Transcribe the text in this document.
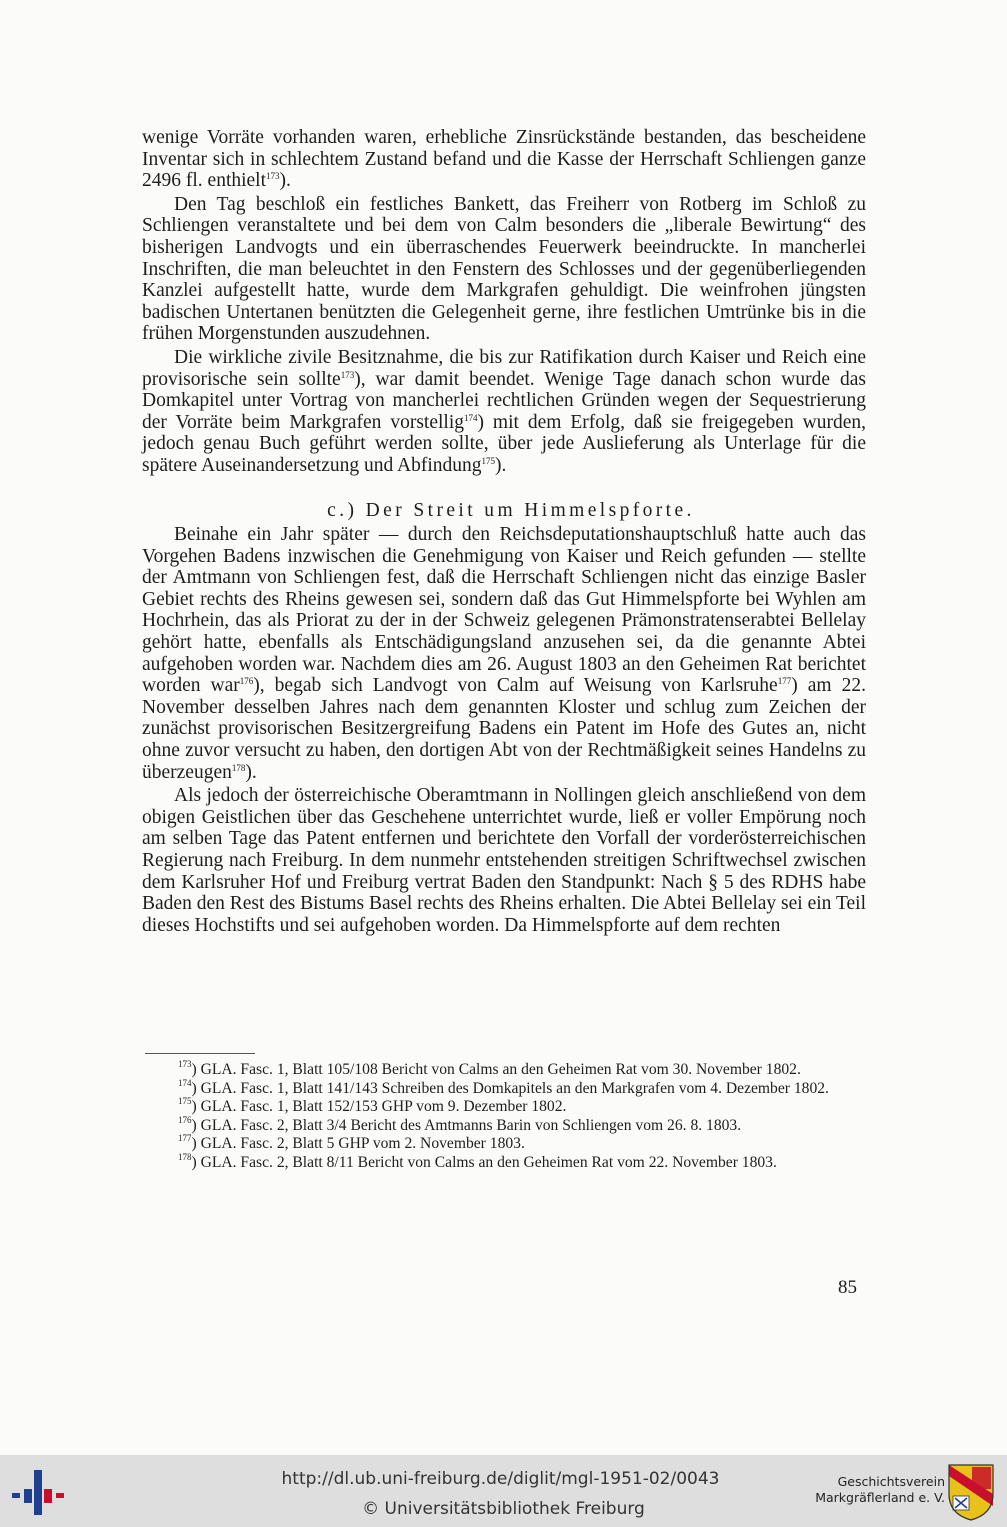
wenige Vorräte vorhanden waren, erhebliche Zinsrückstände bestanden, das bescheidene Inventar sich in schlechtem Zustand befand und die Kasse der Herrschaft Schliengen ganze 2496 fl. enthielt$^{173}$).

Den Tag beschloß ein festliches Bankett, das Freiherr von Rotberg im Schloß zu Schliengen veranstaltete und bei dem von Calm besonders die „liberale Bewirtung“ des bisherigen Landvogts und ein überraschendes Feuerwerk beeindruckte. In mancherlei Inschriften, die man beleuchtet in den Fenstern des Schlosses und der gegenüberliegenden Kanzlei aufgestellt hatte, wurde dem Markgrafen gehuldigt. Die weinfrohen jüngsten badischen Untertanen benützten die Gelegenheit gerne, ihre festlichen Umtrünke bis in die frühen Morgenstunden auszudehnen.

Die wirkliche zivile Besitznahme, die bis zur Ratifikation durch Kaiser und Reich eine provisorische sein sollte$^{173}$), war damit beendet. Wenige Tage danach schon wurde das Domkapitel unter Vortrag von mancherlei rechtlichen Gründen wegen der Sequestrierung der Vorräte beim Markgrafen vorstellig$^{174}$) mit dem Erfolg, daß sie freigegeben wurden, jedoch genau Buch geführt werden sollte, über jede Auslieferung als Unterlage für die spätere Auseinandersetzung und Abfindung$^{175}$).

c.) Der Streit um Himmelspforte.

Beinahe ein Jahr später — durch den Reichsdeputationshauptschluß hatte auch das Vorgehen Badens inzwischen die Genehmigung von Kaiser und Reich gefunden — stellte der Amtmann von Schliengen fest, daß die Herrschaft Schliengen nicht das einzige Basler Gebiet rechts des Rheins gewesen sei, sondern daß das Gut Himmelspforte bei Wyhlen am Hochrhein, das als Priorat zu der in der Schweiz gelegenen Prämonstratenserabtei Bellelay gehört hatte, ebenfalls als Entschädigungsland anzusehen sei, da die genannte Abtei aufgehoben worden war. Nachdem dies am 26. August 1803 an den Geheimen Rat berichtet worden war$^{176}$), begab sich Landvogt von Calm auf Weisung von Karlsruhe$^{177}$) am 22. November desselben Jahres nach dem genannten Kloster und schlug zum Zeichen der zunächst provisorischen Besitzergreifung Badens ein Patent im Hofe des Gutes an, nicht ohne zuvor versucht zu haben, den dortigen Abt von der Rechtmäßigkeit seines Handelns zu überzeugen$^{178}$).

Als jedoch der österreichische Oberamtmann in Nollingen gleich anschließend von dem obigen Geistlichen über das Geschehene unterrichtet wurde, ließ er voller Empörung noch am selben Tage das Patent entfernen und berichtete den Vorfall der vorderösterreichischen Regierung nach Freiburg. In dem nunmehr entstehenden streitigen Schriftwechsel zwischen dem Karlsruher Hof und Freiburg vertrat Baden den Standpunkt: Nach § 5 des RDHS habe Baden den Rest des Bistums Basel rechts des Rheins erhalten. Die Abtei Bellelay sei ein Teil dieses Hochstifts und sei aufgehoben worden. Da Himmelspforte auf dem rechten

$^{173}$) GLA. Fasc. 1, Blatt 105/108 Bericht von Calms an den Geheimen Rat vom 30. November 1802.

$^{174}$) GLA. Fasc. 1, Blatt 141/143 Schreiben des Domkapitels an den Markgrafen vom 4. Dezember 1802.

$^{175}$) GLA. Fasc. 1, Blatt 152/153 GHP vom 9. Dezember 1802.

$^{176}$) GLA. Fasc. 2, Blatt 3/4 Bericht des Amtmanns Barin von Schliengen vom 26. 8. 1803.

$^{177}$) GLA. Fasc. 2, Blatt 5 GHP vom 2. November 1803.

$^{178}$) GLA. Fasc. 2, Blatt 8/11 Bericht von Calms an den Geheimen Rat vom 22. November 1803.

85
http://dl.ub.uni-freiburg.de/diglit/mgl-1951-02/0043
© Universitätsbibliothek Freiburg
Geschichtsverein
Markgräflerland e. V.
